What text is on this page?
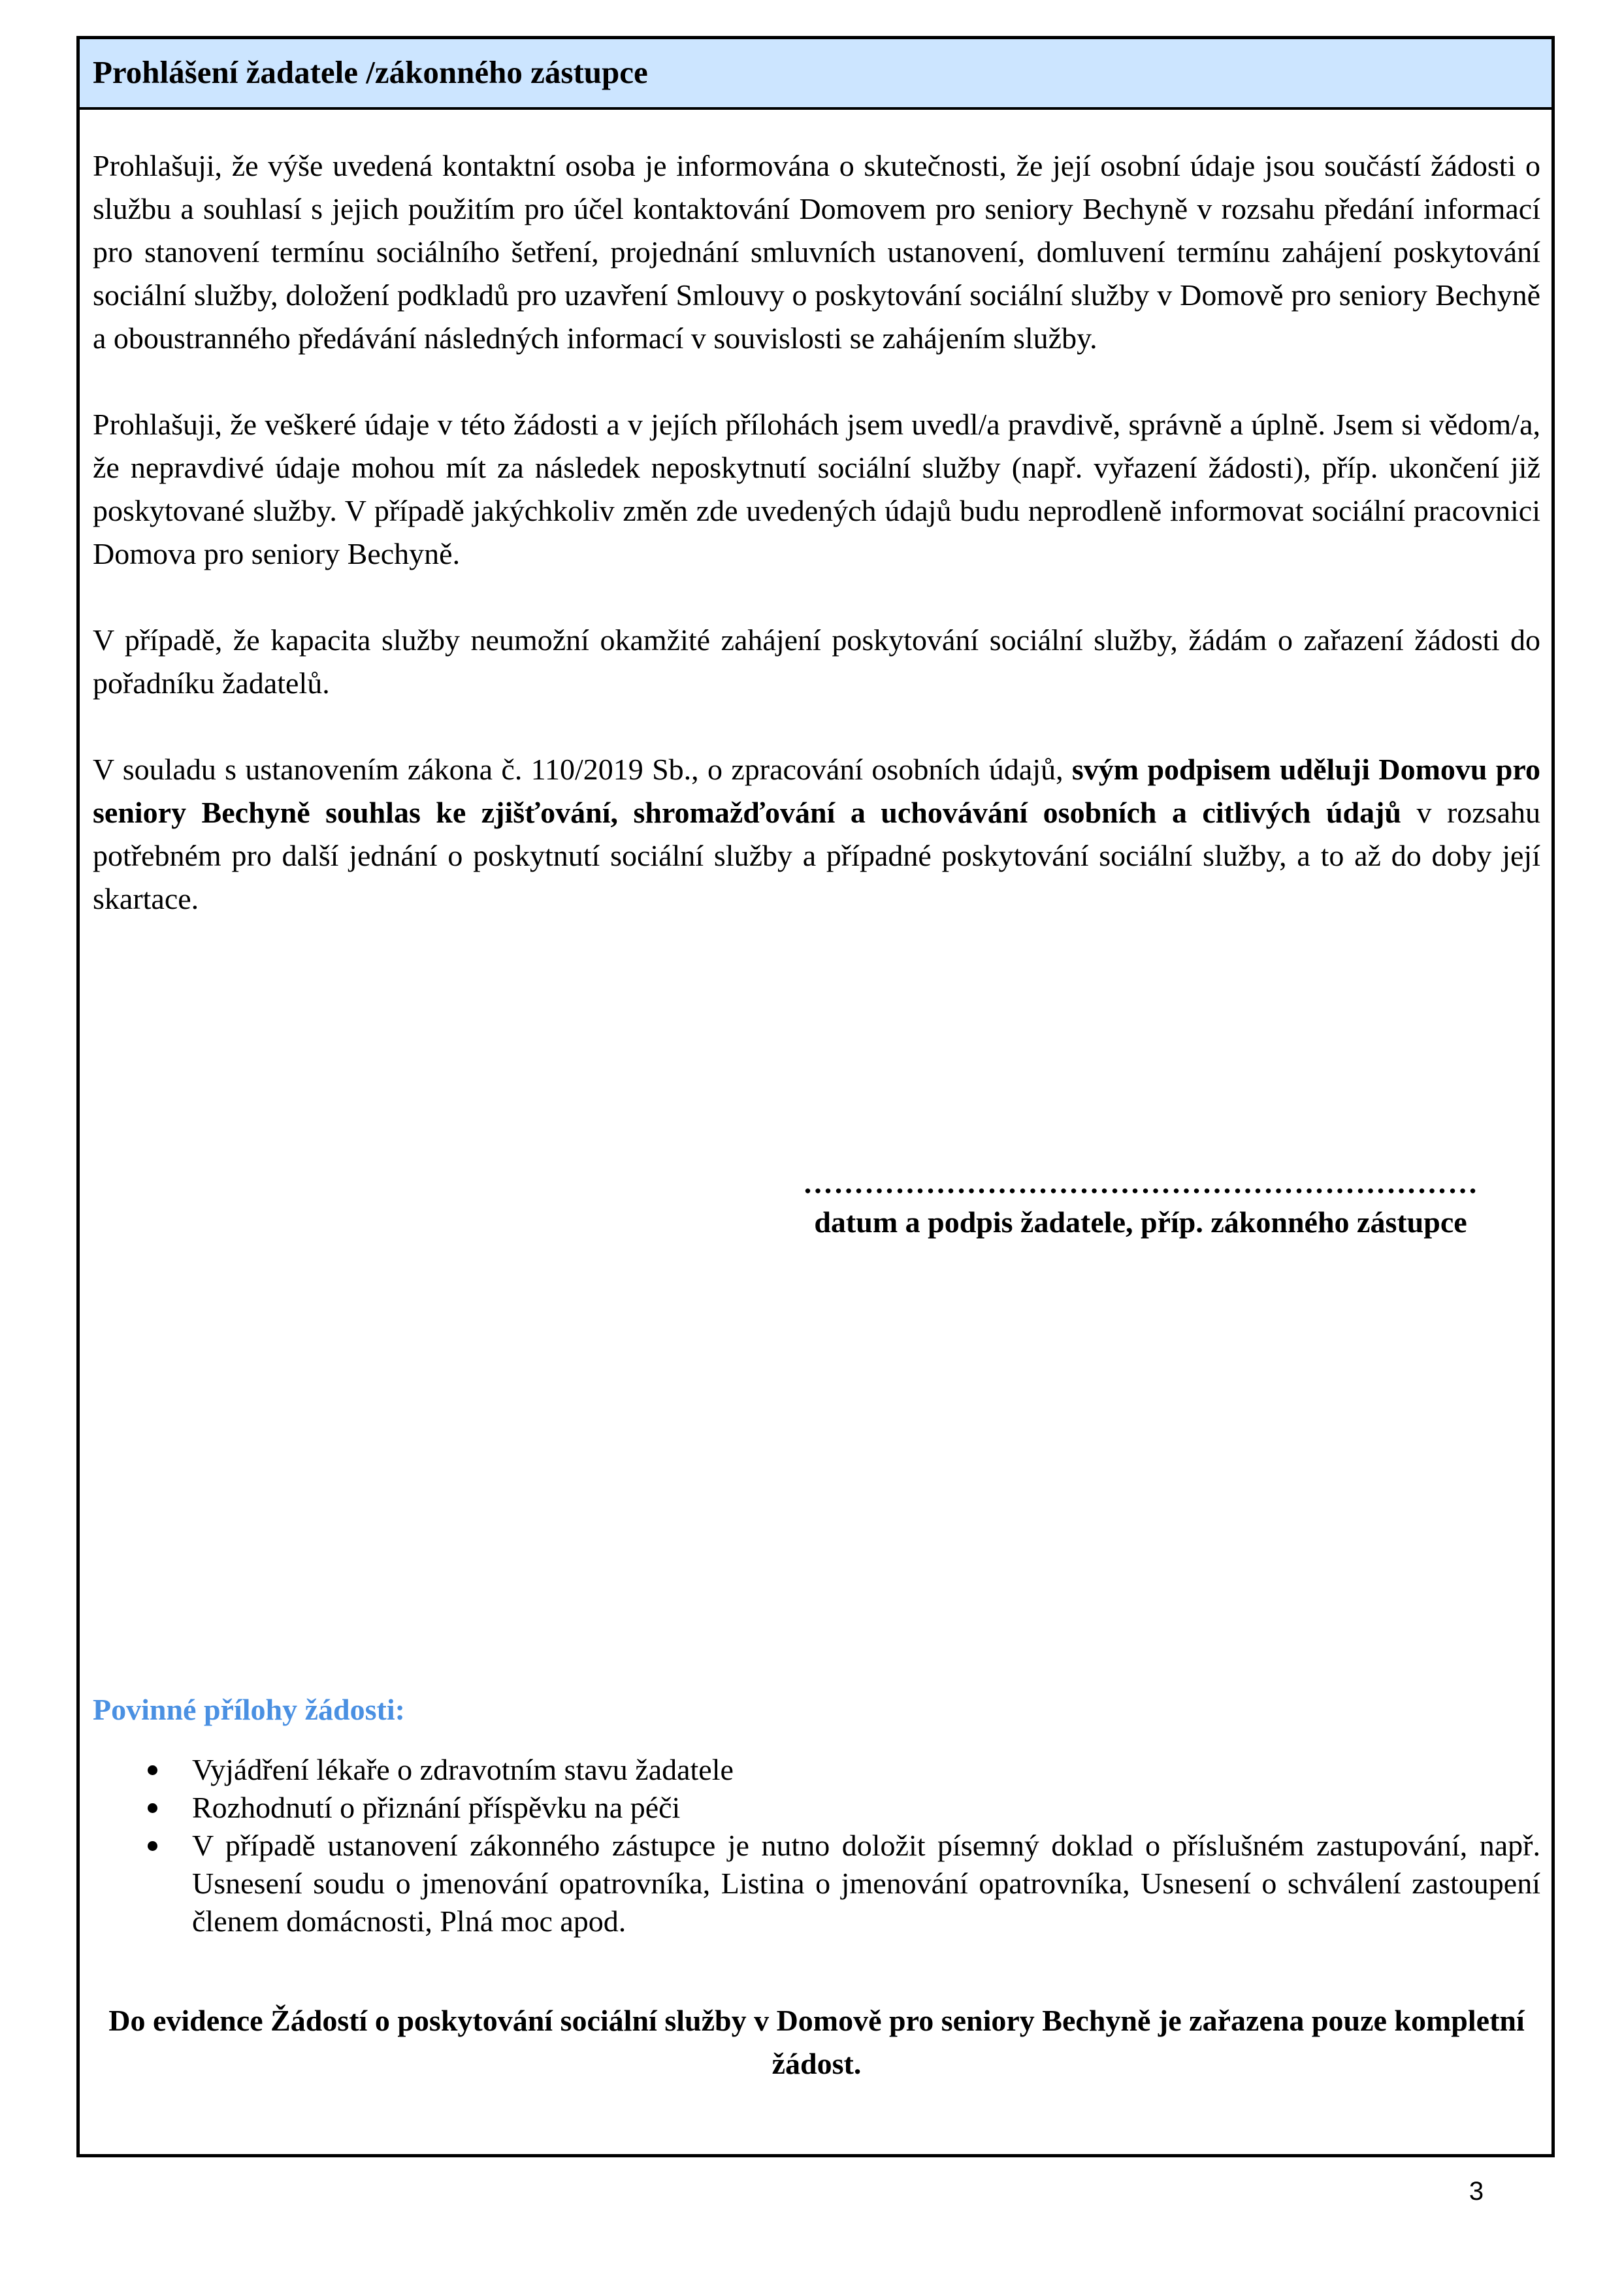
Prohlášení žadatele /zákonného zástupce

Prohlašuji, že výše uvedená kontaktní osoba je informována o skutečnosti, že její osobní údaje jsou součástí žádosti o službu a souhlasí s jejich použitím pro účel kontaktování Domovem pro seniory Bechyně v rozsahu předání informací pro stanovení termínu sociálního šetření, projednání smluvních ustanovení, domluvení termínu zahájení poskytování sociální služby, doložení podkladů pro uzavření Smlouvy o poskytování sociální služby v Domově pro seniory Bechyně a oboustranného předávání následných informací v souvislosti se zahájením služby.

Prohlašuji, že veškeré údaje v této žádosti a v jejích přílohách jsem uvedl/a pravdivě, správně a úplně. Jsem si vědom/a, že nepravdivé údaje mohou mít za následek neposkytnutí sociální služby (např. vyřazení žádosti), příp. ukončení již poskytované služby. V případě jakýchkoliv změn zde uvedených údajů budu neprodleně informovat sociální pracovnici Domova pro seniory Bechyně.

V případě, že kapacita služby neumožní okamžité zahájení poskytování sociální služby, žádám o zařazení žádosti do pořadníku žadatelů.

V souladu s ustanovením zákona č. 110/2019 Sb., o zpracování osobních údajů, svým podpisem uděluji Domovu pro seniory Bechyně souhlas ke zjišťování, shromažďování a uchovávání osobních a citlivých údajů v rozsahu potřebném pro další jednání o poskytnutí sociální služby a případné poskytování sociální služby, a to až do doby její skartace.

…………………………………………………………

datum a podpis žadatele, příp. zákonného zástupce

Povinné přílohy žádosti:

Vyjádření lékaře o zdravotním stavu žadatele
Rozhodnutí o přiznání příspěvku na péči
V případě ustanovení zákonného zástupce je nutno doložit písemný doklad o příslušném zastupování, např. Usnesení soudu o jmenování opatrovníka, Listina o jmenování opatrovníka, Usnesení o schválení zastoupení členem domácnosti, Plná moc apod.

Do evidence Žádostí o poskytování sociální služby v Domově pro seniory Bechyně je zařazena pouze kompletní žádost.

3
